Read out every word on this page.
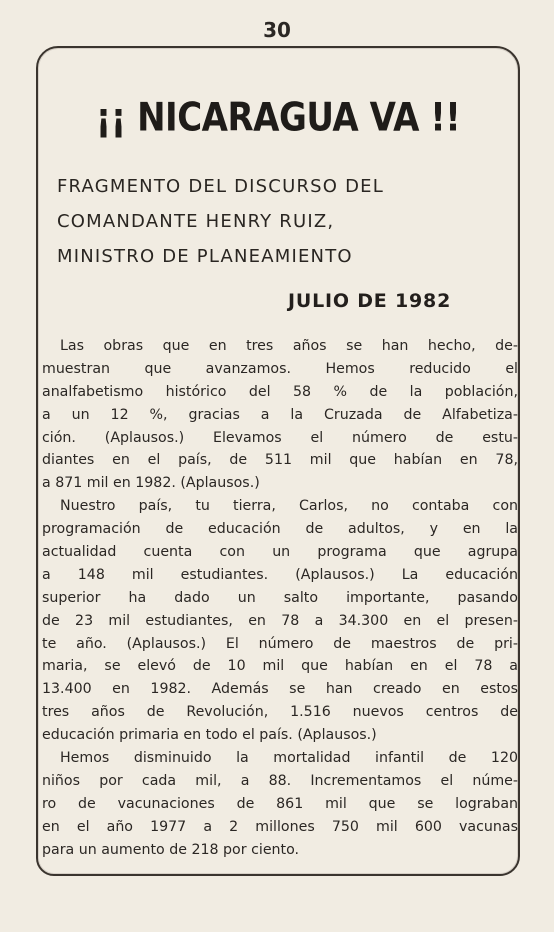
30
¡¡ NICARAGUA VA !!
FRAGMENTO DEL DISCURSO DEL
COMANDANTE HENRY RUIZ,
MINISTRO DE PLANEAMIENTO
JULIO DE 1982
Las obras que en tres años se han hecho, de-
muestran que avanzamos. Hemos reducido el
analfabetismo histórico del 58 % de la población,
a un 12 %, gracias a la Cruzada de Alfabetiza-
ción. (Aplausos.) Elevamos el número de estu-
diantes en el país, de 511 mil que habían en 78,
a 871 mil en 1982. (Aplausos.)
Nuestro país, tu tierra, Carlos, no contaba con
programación de educación de adultos, y en la
actualidad cuenta con un programa que agrupa
a 148 mil estudiantes. (Aplausos.) La educación
superior ha dado un salto importante, pasando
de 23 mil estudiantes, en 78 a 34.300 en el presen-
te año. (Aplausos.) El número de maestros de pri-
maria, se elevó de 10 mil que habían en el 78 a
13.400 en 1982. Además se han creado en estos
tres años de Revolución, 1.516 nuevos centros de
educación primaria en todo el país. (Aplausos.)
Hemos disminuido la mortalidad infantil de 120
niños por cada mil, a 88. Incrementamos el núme-
ro de vacunaciones de 861 mil que se lograban
en el año 1977 a 2 millones 750 mil 600 vacunas
para un aumento de 218 por ciento.
